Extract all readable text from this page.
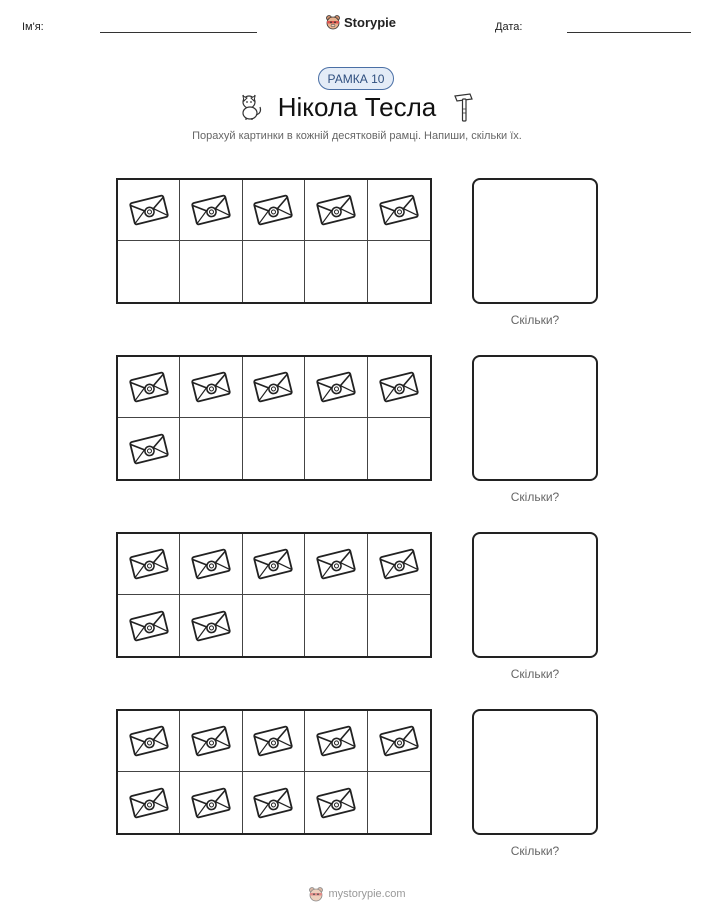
Ім'я:	Storypie	Дата:
РАМКА 10
Нікола Тесла
Порахуй картинки в кожній десятковій рамці. Напиши, скільки їх.
Скільки?
Скільки?
Скільки?
Скільки?
mystorypie.com
